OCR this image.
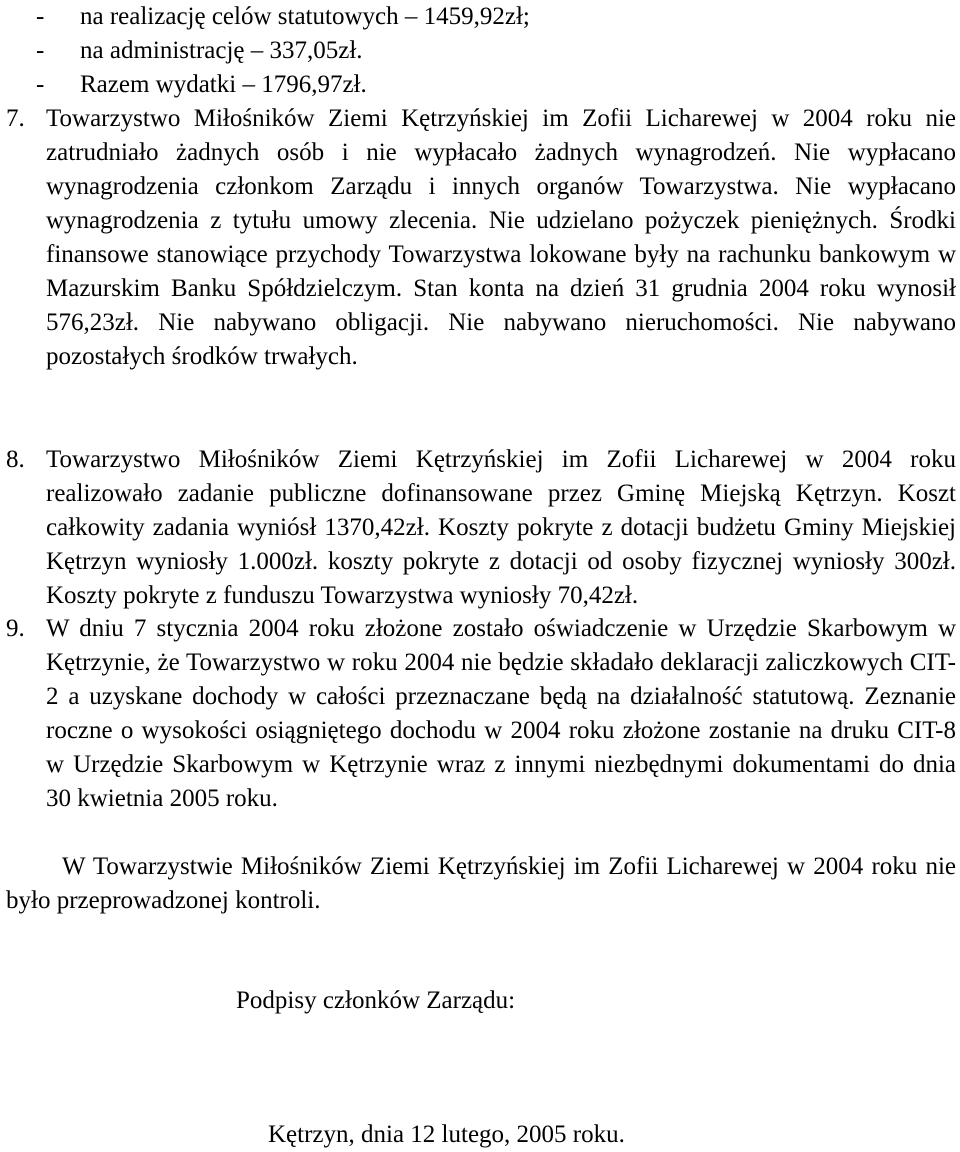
- na realizację celów statutowych – 1459,92zł;
- na administrację – 337,05zł.
- Razem wydatki – 1796,97zł.
7. Towarzystwo Miłośników Ziemi Kętrzyńskiej im Zofii Licharewej w 2004 roku nie zatrudniało żadnych osób i nie wypłacało żadnych wynagrodzeń. Nie wypłacano wynagrodzenia członkom Zarządu i innych organów Towarzystwa. Nie wypłacano wynagrodzenia z tytułu umowy zlecenia. Nie udzielano pożyczek pieniężnych. Środki finansowe stanowiące przychody Towarzystwa lokowane były na rachunku bankowym w Mazurskim Banku Spółdzielczym. Stan konta na dzień 31 grudnia 2004 roku wynosił 576,23zł. Nie nabywano obligacji. Nie nabywano nieruchomości. Nie nabywano pozostałych środków trwałych.
8. Towarzystwo Miłośników Ziemi Kętrzyńskiej im Zofii Licharewej w 2004 roku realizowało zadanie publiczne dofinansowane przez Gminę Miejską Kętrzyn. Koszt całkowity zadania wyniósł 1370,42zł. Koszty pokryte z dotacji budżetu Gminy Miejskiej Kętrzyn wyniosły 1.000zł. koszty pokryte z dotacji od osoby fizycznej wyniosły 300zł. Koszty pokryte z funduszu Towarzystwa wyniosły 70,42zł.
9. W dniu 7 stycznia 2004 roku złożone zostało oświadczenie w Urzędzie Skarbowym w Kętrzynie, że Towarzystwo w roku 2004 nie będzie składało deklaracji zaliczkowych CIT-2 a uzyskane dochody w całości przeznaczane będą na działalność statutową. Zeznanie roczne o wysokości osiągniętego dochodu w 2004 roku złożone zostanie na druku CIT-8 w Urzędzie Skarbowym w Kętrzynie wraz z innymi niezbędnymi dokumentami do dnia 30 kwietnia 2005 roku.
W Towarzystwie Miłośników Ziemi Kętrzyńskiej im Zofii Licharewej w 2004 roku nie było przeprowadzonej kontroli.
Podpisy członków Zarządu:
Kętrzyn, dnia 12 lutego, 2005 roku.
